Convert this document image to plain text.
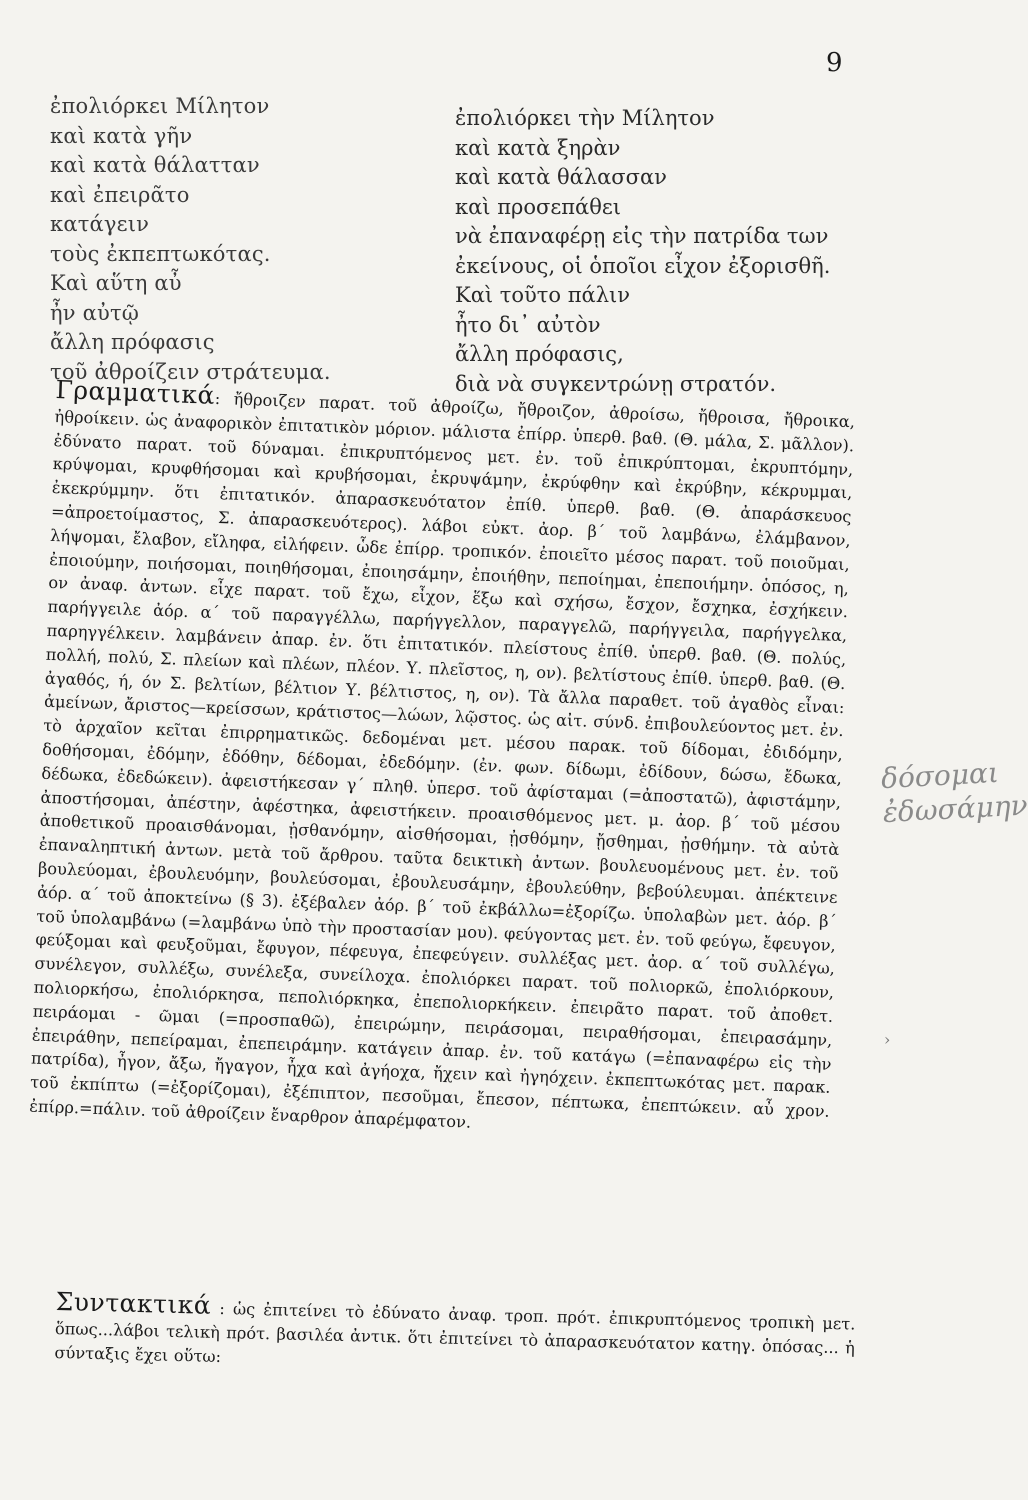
9
ἐπολιόρκει Μίλητον
καὶ κατὰ γῆν
καὶ κατὰ θάλατταν
καὶ ἐπειρᾶτο
κατάγειν
τοὺς ἐκπεπτωκότας.
Καὶ αὕτη αὖ
ἦν αὐτῷ
ἄλλη πρόφασις
τοῦ ἀθροίζειν στράτευμα.
ἐπολιόρκει τὴν Μίλητον
καὶ κατὰ ξηρὰν
καὶ κατὰ θάλασσαν
καὶ προσεπάθει
νὰ ἐπαναφέρῃ εἰς τὴν πατρίδα των
ἐκείνους, οἱ ὁποῖοι εἶχον ἐξορισθῆ.
Καὶ τοῦτο πάλιν
ἦτο δι᾽ αὐτὸν
ἄλλη πρόφασις,
διὰ νὰ συγκεντρώνῃ στρατόν.

Γραμματικά: ἤθροιζεν παρατ. τοῦ ἀθροίζω, ἤθροιζον, ἀθροίσω, ἤθροισα, ἤθροικα, ἠθροίκειν. ὡς ἀναφορικὸν ἐπιτατικὸν μόριον. μάλιστα ἐπίρρ. ὑπερθ. βαθ. (Θ. μάλα, Σ. μᾶλλον). ἐδύνατο παρατ. τοῦ δύναμαι. ἐπικρυπτόμενος μετ. ἐν. τοῦ ἐπικρύπτομαι, ἐκρυπτόμην, κρύψομαι, κρυφθήσομαι καὶ κρυβήσομαι, ἐκρυψάμην, ἐκρύφθην καὶ ἐκρύβην, κέκρυμμαι, ἐκεκρύμμην. ὅτι ἐπιτατικόν. ἀπαρασκευότατον ἐπίθ. ὑπερθ. βαθ. (Θ. ἀπαράσκευος =ἀπροετοίμαστος, Σ. ἀπαρασκευότερος). λάβοι εὐκτ. ἀορ. β´ τοῦ λαμβάνω, ἐλάμβανον, λήψομαι, ἔλαβον, εἴληφα, εἰλήφειν. ὧδε ἐπίρρ. τροπικόν. ἐποιεῖτο μέσος παρατ. τοῦ ποιοῦμαι, ἐποιούμην, ποιήσομαι, ποιηθήσομαι, ἐποιησάμην, ἐποιήθην, πεποίημαι, ἐπεποιήμην. ὁπόσος, η, ον ἀναφ. ἀντων. εἶχε παρατ. τοῦ ἔχω, εἶχον, ἕξω καὶ σχήσω, ἔσχον, ἔσχηκα, ἐσχήκειν. παρήγγειλε ἀόρ. α´ τοῦ παραγγέλλω, παρήγγελλον, παραγγελῶ, παρήγγειλα, παρήγγελκα, παρηγγέλκειν. λαμβάνειν ἀπαρ. ἐν. ὅτι ἐπιτατικόν. πλείστους ἐπίθ. ὑπερθ. βαθ. (Θ. πολύς, πολλή, πολύ, Σ. πλείων καὶ πλέων, πλέον. Υ. πλεῖστος, η, ον). βελτίστους ἐπίθ. ὑπερθ. βαθ. (Θ. ἀγαθός, ή, όν Σ. βελτίων, βέλτιον Υ. βέλτιστος, η, ον). Τὰ ἄλλα παραθετ. τοῦ ἀγαθὸς εἶναι: ἀμείνων, ἄριστος—κρείσσων, κράτιστος—λώων, λῷστος. ὡς αἰτ. σύνδ. ἐπιβουλεύοντος μετ. ἐν. τὸ ἀρχαῖον κεῖται ἐπιρρηματικῶς. δεδομέναι μετ. μέσου παρακ. τοῦ δίδομαι, ἐδιδόμην, δοθήσομαι, ἐδόμην, ἐδόθην, δέδομαι, ἐδεδόμην. (ἐν. φων. δίδωμι, ἐδίδουν, δώσω, ἔδωκα, δέδωκα, ἐδεδώκειν). ἀφειστήκεσαν γ´ πληθ. ὑπερσ. τοῦ ἀφίσταμαι (=ἀποστατῶ), ἀφιστάμην, ἀποστήσομαι, ἀπέστην, ἀφέστηκα, ἀφειστήκειν. προαισθόμενος μετ. μ. ἀορ. β´ τοῦ μέσου ἀποθετικοῦ προαισθάνομαι, ᾐσθανόμην, αἰσθήσομαι, ᾐσθόμην, ᾔσθημαι, ᾐσθήμην. τὰ αὐτὰ ἐπαναληπτική ἀντων. μετὰ τοῦ ἄρθρου. ταῦτα δεικτικὴ ἀντων. βουλευομένους μετ. ἐν. τοῦ βουλεύομαι, ἐβουλευόμην, βουλεύσομαι, ἐβουλευσάμην, ἐβουλεύθην, βεβούλευμαι. ἀπέκτεινε ἀόρ. α´ τοῦ ἀποκτείνω (§ 3). ἐξέβαλεν ἀόρ. β´ τοῦ ἐκβάλλω=ἐξορίζω. ὑπολαβὼν μετ. ἀόρ. β´ τοῦ ὑπολαμβάνω (=λαμβάνω ὑπὸ τὴν προστασίαν μου). φεύγοντας μετ. ἐν. τοῦ φεύγω, ἔφευγον, φεύξομαι καὶ φευξοῦμαι, ἔφυγον, πέφευγα, ἐπεφεύγειν. συλλέξας μετ. ἀορ. α´ τοῦ συλλέγω, συνέλεγον, συλλέξω, συνέλεξα, συνείλοχα. ἐπολιόρκει παρατ. τοῦ πολιορκῶ, ἐπολιόρκουν, πολιορκήσω, ἐπολιόρκησα, πεπολιόρκηκα, ἐπεπολιορκήκειν. ἐπειρᾶτο παρατ. τοῦ ἀποθετ. πειράομαι - ῶμαι (=προσπαθῶ), ἐπειρώμην, πειράσομαι, πειραθήσομαι, ἐπειρασάμην, ἐπειράθην, πεπείραμαι, ἐπεπειράμην. κατάγειν ἀπαρ. ἐν. τοῦ κατάγω (=ἐπαναφέρω εἰς τὴν πατρίδα), ἦγον, ἄξω, ἤγαγον, ἦχα καὶ ἀγήοχα, ἤχειν καὶ ἠγηόχειν. ἐκπεπτωκότας μετ. παρακ. τοῦ ἐκπίπτω (=ἐξορίζομαι), ἐξέπιπτον, πεσοῦμαι, ἔπεσον, πέπτωκα, ἐπεπτώκειν. αὖ χρον. ἐπίρρ.=πάλιν. τοῦ ἀθροίζειν ἔναρθρον ἀπαρέμφατον.

Συντακτικά : ὡς ἐπιτείνει τὸ ἐδύνατο ἀναφ. τροπ. πρότ. ἐπικρυπτόμενος τροπικὴ μετ. ὅπως...λάβοι τελικὴ πρότ. βασιλέα ἀντικ. ὅτι ἐπιτείνει τὸ ἀπαρασκευότατον κατηγ. ὁπόσας... ἡ σύνταξις ἔχει οὕτω:

δόσομαι ἐδωσάμην
›
